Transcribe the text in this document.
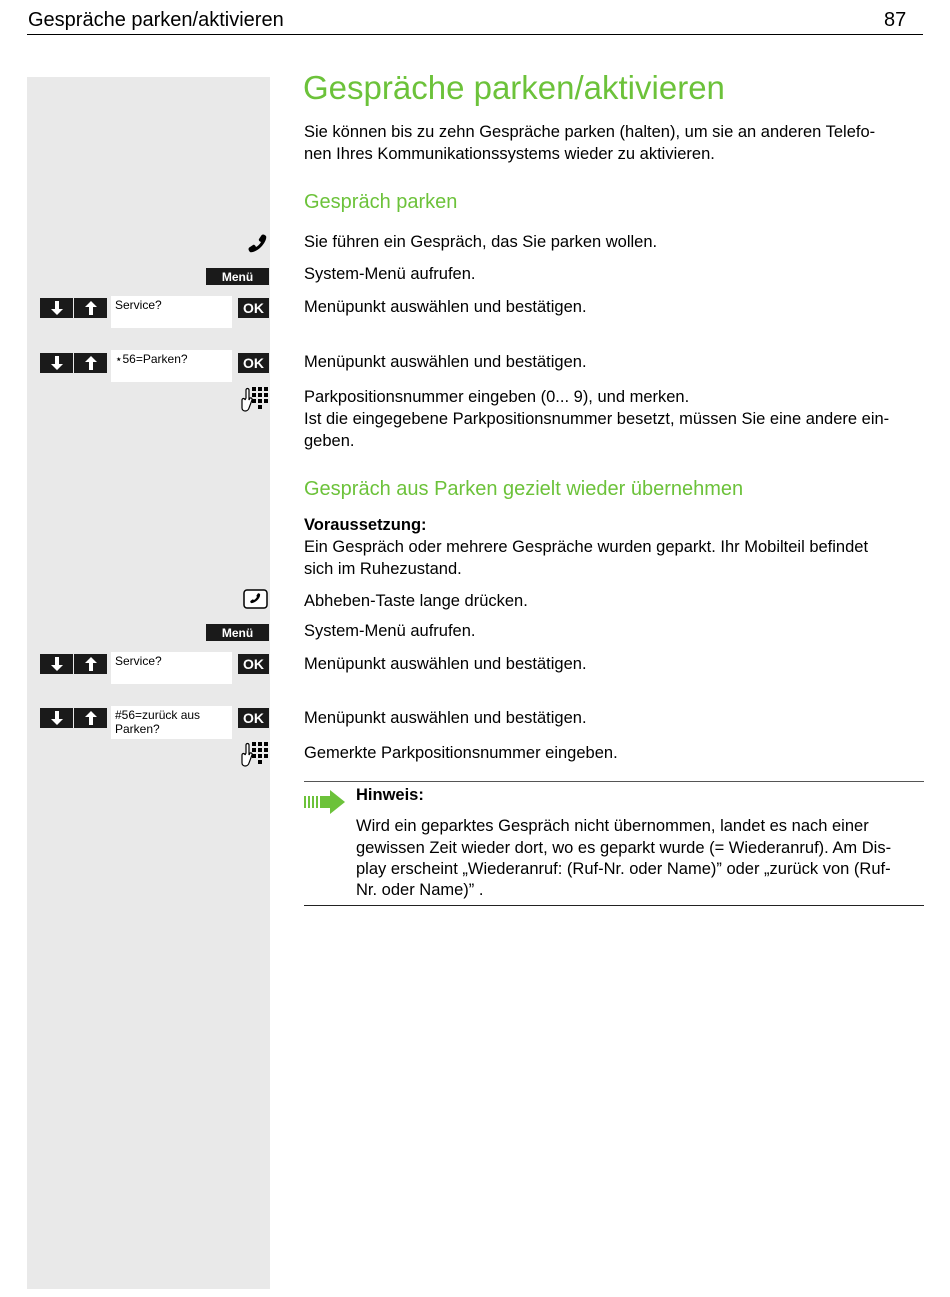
Gespräche parken/aktivieren	87
Gespräche parken/aktivieren
Sie können bis zu zehn Gespräche parken (halten), um sie an anderen Telefo-
nen Ihres Kommunikationssystems wieder zu aktivieren.
Gespräch parken
Sie führen ein Gespräch, das Sie parken wollen.
Menü	System-Menü aufrufen.
Service?	OK	Menüpunkt auswählen und bestätigen.
⋆56=Parken?	OK	Menüpunkt auswählen und bestätigen.
Parkpositionsnummer eingeben (0... 9), und merken.
Ist die eingegebene Parkpositionsnummer besetzt, müssen Sie eine andere ein-
geben.
Gespräch aus Parken gezielt wieder übernehmen
Voraussetzung:
Ein Gespräch oder mehrere Gespräche wurden geparkt. Ihr Mobilteil befindet
sich im Ruhezustand.
Abheben-Taste lange drücken.
Menü	System-Menü aufrufen.
Service?	OK	Menüpunkt auswählen und bestätigen.
#56=zurück aus
Parken?
OK	Menüpunkt auswählen und bestätigen.
Gemerkte Parkpositionsnummer eingeben.
Hinweis:
Wird ein geparktes Gespräch nicht übernommen, landet es nach einer
gewissen Zeit wieder dort, wo es geparkt wurde (= Wiederanruf). Am Dis-
play erscheint „Wiederanruf: (Ruf-Nr. oder Name)” oder „zurück von (Ruf-
Nr. oder Name)” .
